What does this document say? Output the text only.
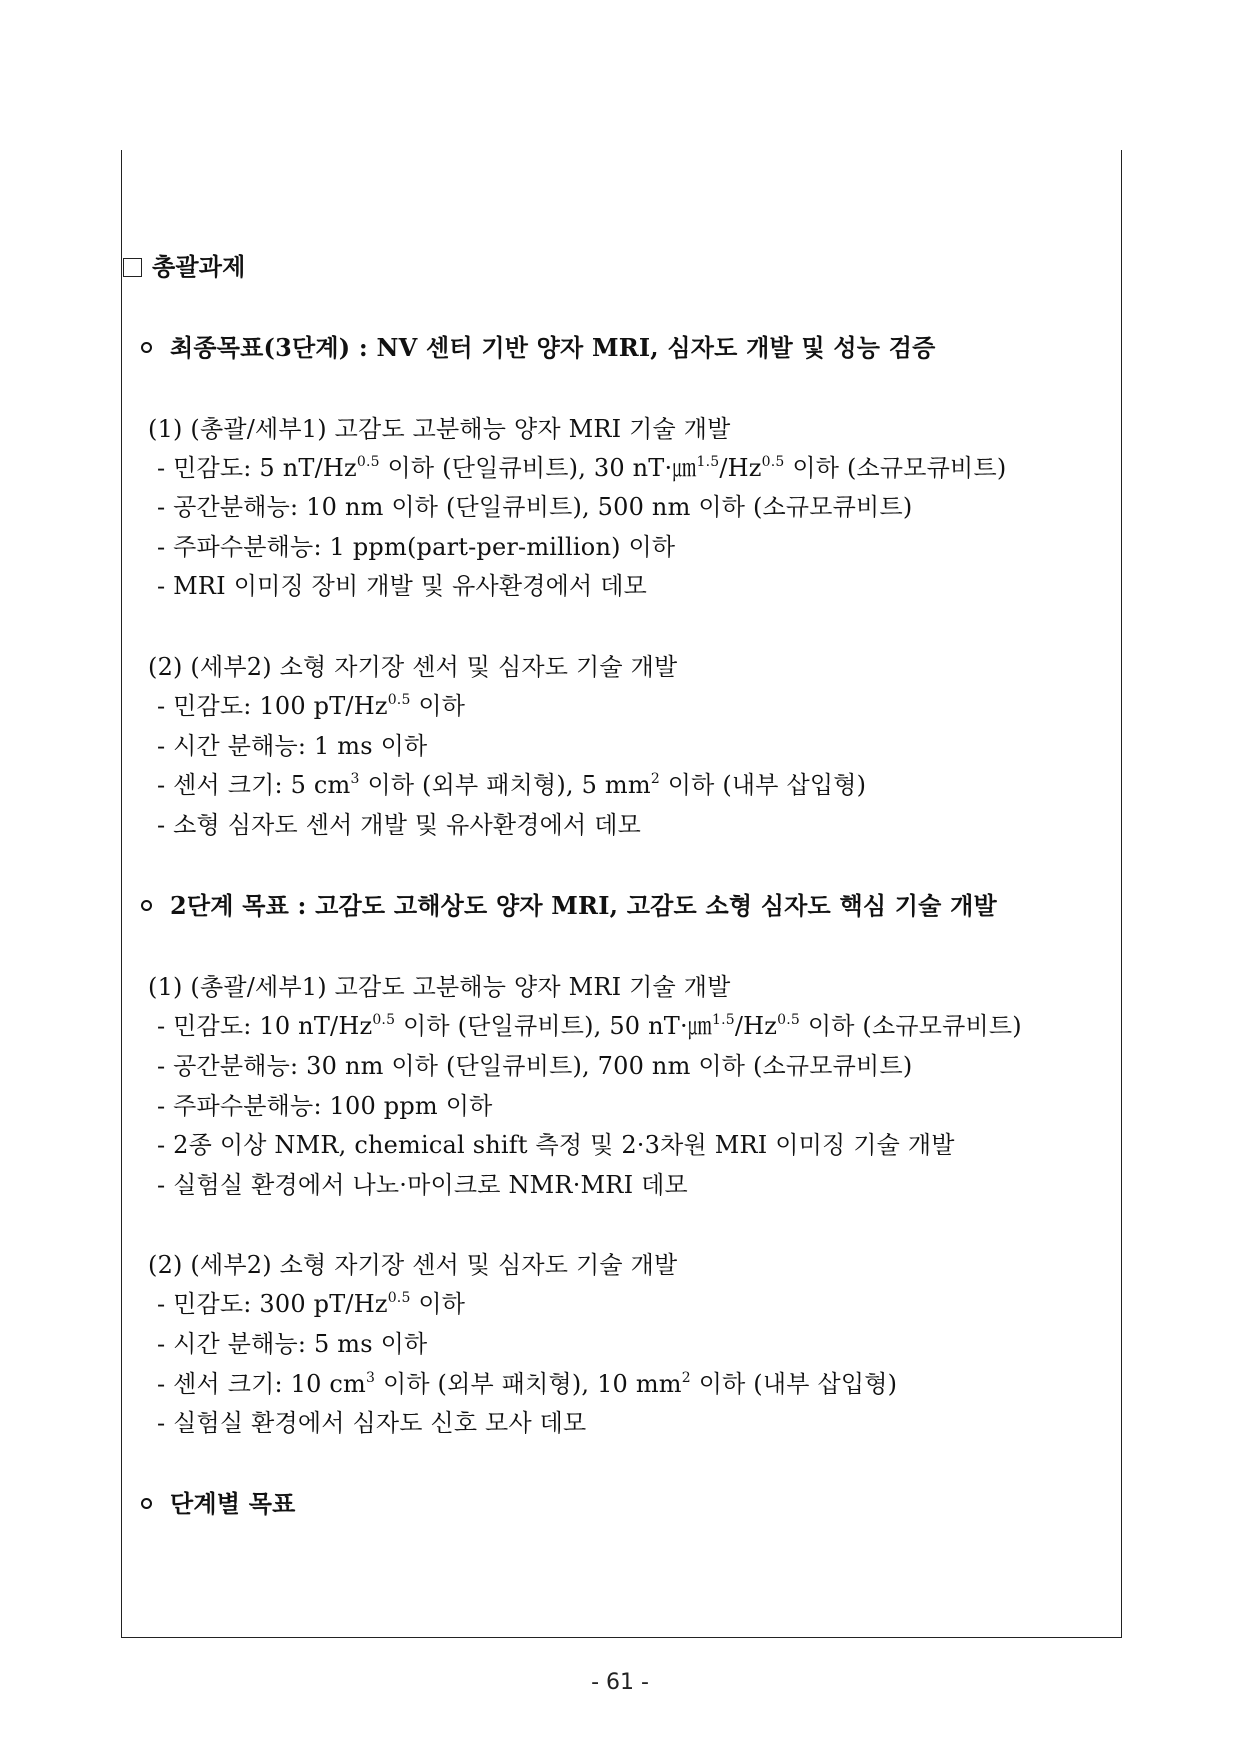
총괄과제
최종목표(3단계) : NV 센터 기반 양자 MRI, 심자도 개발 및 성능 검증
(1) (총괄/세부1) 고감도 고분해능 양자 MRI 기술 개발
- 민감도: 5 $nT/Hz^{0.5}$ 이하 (단일큐비트), 30 $nT\cdot㎛^{1.5}/Hz^{0.5}$ 이하 (소규모큐비트)
- 공간분해능: 10 nm 이하 (단일큐비트), 500 nm 이하 (소규모큐비트)
- 주파수분해능: 1 ppm(part-per-million) 이하
- MRI 이미징 장비 개발 및 유사환경에서 데모
(2) (세부2) 소형 자기장 센서 및 심자도 기술 개발
- 민감도: 100 $pT/Hz^{0.5}$ 이하
- 시간 분해능: 1 ms 이하
- 센서 크기: 5 $cm^3$ 이하 (외부 패치형), 5 $mm^2$ 이하 (내부 삽입형)
- 소형 심자도 센서 개발 및 유사환경에서 데모
2단계 목표 : 고감도 고해상도 양자 MRI, 고감도 소형 심자도 핵심 기술 개발
(1) (총괄/세부1) 고감도 고분해능 양자 MRI 기술 개발
- 민감도: 10 $nT/Hz^{0.5}$ 이하 (단일큐비트), 50 $nT\cdot㎛^{1.5}/Hz^{0.5}$ 이하 (소규모큐비트)
- 공간분해능: 30 nm 이하 (단일큐비트), 700 nm 이하 (소규모큐비트)
- 주파수분해능: 100 ppm 이하
- 2종 이상 NMR, chemical shift 측정 및 2·3차원 MRI 이미징 기술 개발
- 실험실 환경에서 나노·마이크로 NMR·MRI 데모
(2) (세부2) 소형 자기장 센서 및 심자도 기술 개발
- 민감도: 300 $pT/Hz^{0.5}$ 이하
- 시간 분해능: 5 ms 이하
- 센서 크기: 10 $cm^3$ 이하 (외부 패치형), 10 $mm^2$ 이하 (내부 삽입형)
- 실험실 환경에서 심자도 신호 모사 데모
단계별 목표
- 61 -
